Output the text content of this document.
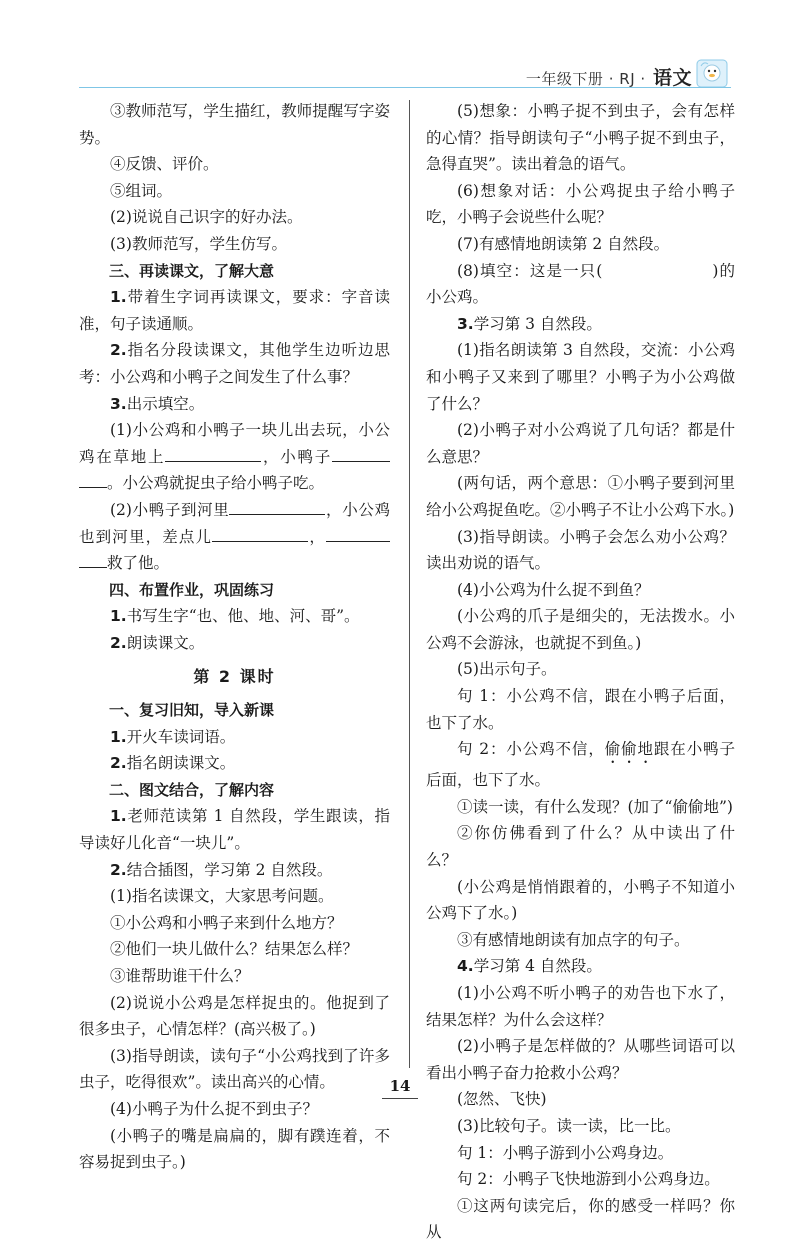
一年级下册 · RJ · 语文

③教师范写，学生描红，教师提醒写字姿势。

④反馈、评价。

⑤组词。

(2)说说自己识字的好办法。

(3)教师范写，学生仿写。

三、再读课文，了解大意

1.带着生字词再读课文，要求：字音读准，句子读通顺。

2.指名分段读课文，其他学生边听边思考：小公鸡和小鸭子之间发生了什么事？

3.出示填空。

(1)小公鸡和小鸭子一块儿出去玩，小公鸡在草地上	，小鸭子。小公鸡就捉虫子给小鸭子吃。

(2)小鸭子到河里	，小公鸡也到河里，差点儿	，救了他。

四、布置作业，巩固练习

1.书写生字“也、他、地、河、哥”。

2.朗读课文。

第 2 课时

一、复习旧知，导入新课

1.开火车读词语。

2.指名朗读课文。

二、图文结合，了解内容

1.老师范读第 1 自然段，学生跟读，指导读好儿化音“一块儿”。

2.结合插图，学习第 2 自然段。

(1)指名读课文，大家思考问题。

①小公鸡和小鸭子来到什么地方？

②他们一块儿做什么？结果怎么样？

③谁帮助谁干什么？

(2)说说小公鸡是怎样捉虫的。他捉到了很多虫子，心情怎样？(高兴极了。)

(3)指导朗读，读句子“小公鸡找到了许多虫子，吃得很欢”。读出高兴的心情。

(4)小鸭子为什么捉不到虫子？

(小鸭子的嘴是扁扁的，脚有蹼连着，不容易捉到虫子。)

(5)想象：小鸭子捉不到虫子，会有怎样的心情？指导朗读句子“小鸭子捉不到虫子，急得直哭”。读出着急的语气。

(6)想象对话：小公鸡捉虫子给小鸭子吃，小鸭子会说些什么呢？

(7)有感情地朗读第 2 自然段。

(8)填空：这是一只(	)的小公鸡。

3.学习第 3 自然段。

(1)指名朗读第 3 自然段，交流：小公鸡和小鸭子又来到了哪里？小鸭子为小公鸡做了什么？

(2)小鸭子对小公鸡说了几句话？都是什么意思？

(两句话，两个意思：①小鸭子要到河里给小公鸡捉鱼吃。②小鸭子不让小公鸡下水。)

(3)指导朗读。小鸭子会怎么劝小公鸡？读出劝说的语气。

(4)小公鸡为什么捉不到鱼？

(小公鸡的爪子是细尖的，无法拨水。小公鸡不会游泳，也就捉不到鱼。)

(5)出示句子。

句 1：小公鸡不信，跟在小鸭子后面，也下了水。

句 2：小公鸡不信，偷偷地跟在小鸭子后面，也下了水。

①读一读，有什么发现？(加了“偷偷地”)

②你仿佛看到了什么？从中读出了什么？

(小公鸡是悄悄跟着的，小鸭子不知道小公鸡下了水。)

③有感情地朗读有加点字的句子。

4.学习第 4 自然段。

(1)小公鸡不听小鸭子的劝告也下水了，结果怎样？为什么会这样？

(2)小鸭子是怎样做的？从哪些词语可以看出小鸭子奋力抢救小公鸡？

(忽然、飞快)

(3)比较句子。读一读，比一比。

句 1：小鸭子游到小公鸡身边。

句 2：小鸭子飞快地游到小公鸡身边。

①这两句读完后，你的感受一样吗？你从

14
